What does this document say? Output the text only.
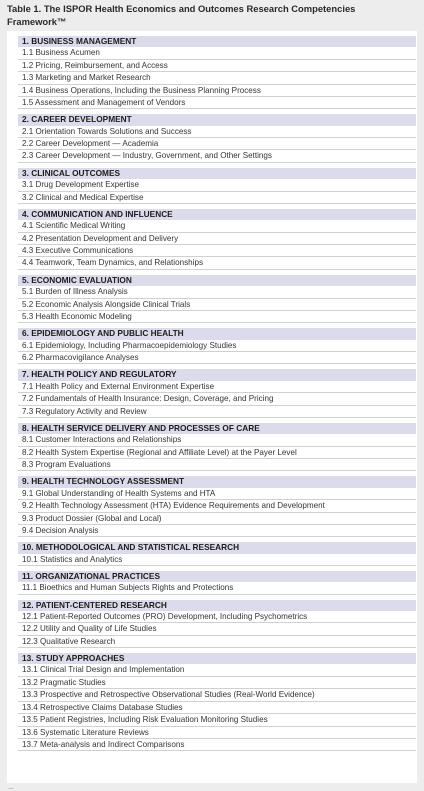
Table 1. The ISPOR Health Economics and Outcomes Research Competencies Framework™
1. BUSINESS MANAGEMENT
1.1 Business Acumen
1.2 Pricing, Reimbursement, and Access
1.3 Marketing and Market Research
1.4 Business Operations, Including the Business Planning Process
1.5 Assessment and Management of Vendors
2. CAREER DEVELOPMENT
2.1 Orientation Towards Solutions and Success
2.2 Career Development — Academia
2.3 Career Development — Industry, Government, and Other Settings
3. CLINICAL OUTCOMES
3.1 Drug Development Expertise
3.2 Clinical and Medical Expertise
4. COMMUNICATION AND INFLUENCE
4.1 Scientific Medical Writing
4.2 Presentation Development and Delivery
4.3 Executive Communications
4.4 Teamwork, Team Dynamics, and Relationships
5. ECONOMIC EVALUATION
5.1 Burden of Illness Analysis
5.2 Economic Analysis Alongside Clinical Trials
5.3 Health Economic Modeling
6. EPIDEMIOLOGY AND PUBLIC HEALTH
6.1 Epidemiology, Including Pharmacoepidemiology Studies
6.2 Pharmacovigilance Analyses
7. HEALTH POLICY AND REGULATORY
7.1 Health Policy and External Environment Expertise
7.2 Fundamentals of Health Insurance: Design, Coverage, and Pricing
7.3 Regulatory Activity and Review
8. HEALTH SERVICE DELIVERY AND PROCESSES OF CARE
8.1 Customer Interactions and Relationships
8.2 Health System Expertise (Regional and Affiliate Level) at the Payer Level
8.3 Program Evaluations
9. HEALTH TECHNOLOGY ASSESSMENT
9.1 Global Understanding of Health Systems and HTA
9.2 Health Technology Assessment (HTA) Evidence Requirements and Development
9.3 Product Dossier (Global and Local)
9.4 Decision Analysis
10. METHODOLOGICAL AND STATISTICAL RESEARCH
10.1 Statistics and Analytics
11. ORGANIZATIONAL PRACTICES
11.1 Bioethics and Human Subjects Rights and Protections
12. PATIENT-CENTERED RESEARCH
12.1 Patient-Reported Outcomes (PRO) Development, Including Psychometrics
12.2 Utility and Quality of Life Studies
12.3 Qualitative Research
13. STUDY APPROACHES
13.1 Clinical Trial Design and Implementation
13.2 Pragmatic Studies
13.3 Prospective and Retrospective Observational Studies (Real-World Evidence)
13.4 Retrospective Claims Database Studies
13.5 Patient Registries, Including Risk Evaluation Monitoring Studies
13.6 Systematic Literature Reviews
13.7 Meta-analysis and Indirect Comparisons
…
